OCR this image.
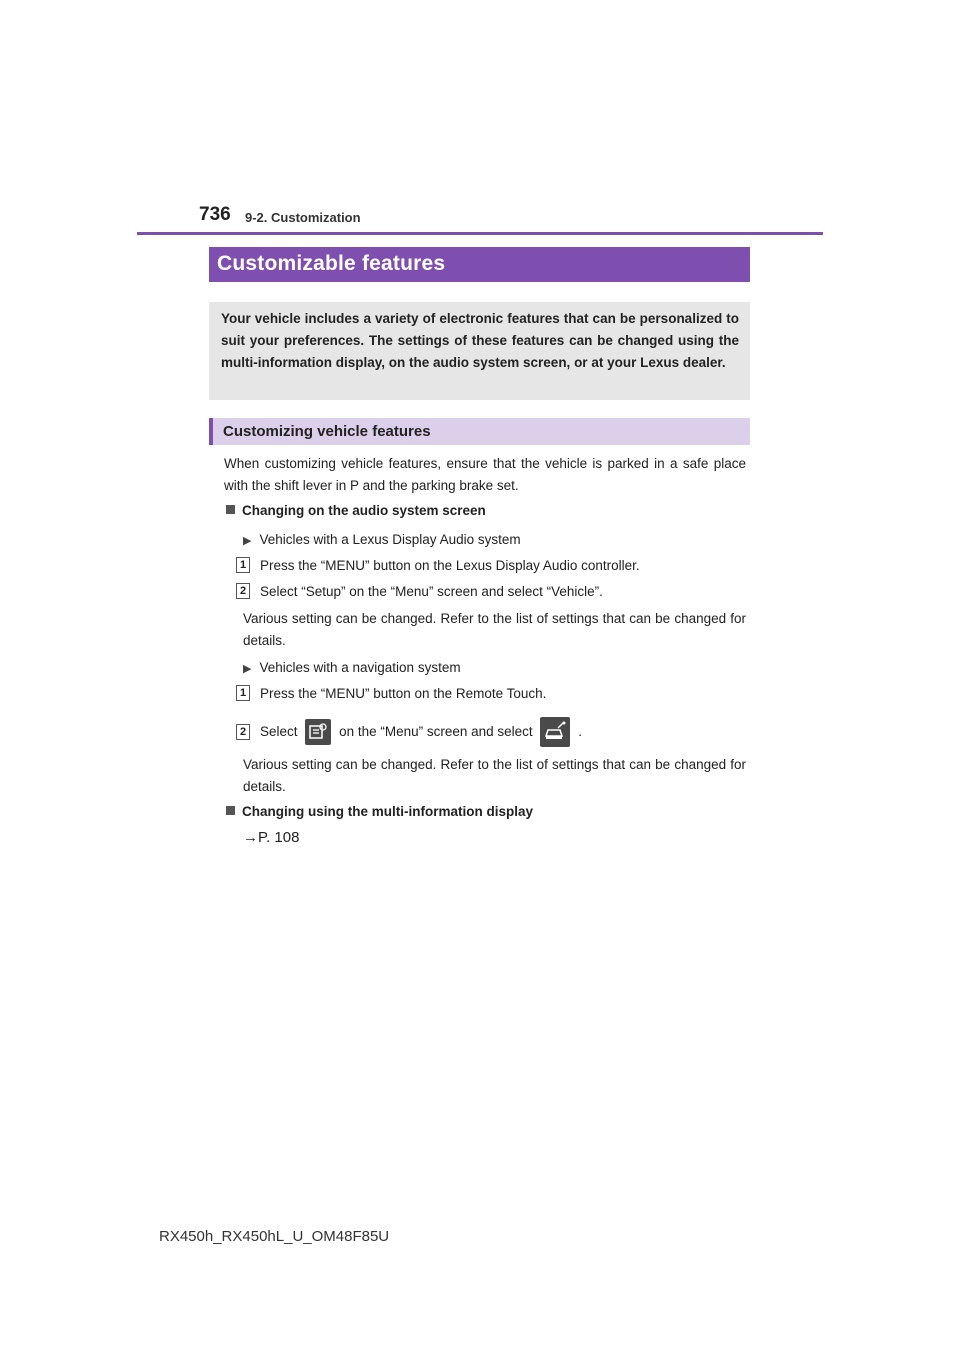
736 9-2. Customization
Customizable features
Your vehicle includes a variety of electronic features that can be personalized to suit your preferences. The settings of these features can be changed using the multi-information display, on the audio system screen, or at your Lexus dealer.
Customizing vehicle features
When customizing vehicle features, ensure that the vehicle is parked in a safe place with the shift lever in P and the parking brake set.
Changing on the audio system screen
▶ Vehicles with a Lexus Display Audio system
1 Press the “MENU” button on the Lexus Display Audio controller.
2 Select “Setup” on the “Menu” screen and select “Vehicle”.
Various setting can be changed. Refer to the list of settings that can be changed for details.
▶ Vehicles with a navigation system
1 Press the “MENU” button on the Remote Touch.
2 Select	on the “Menu” screen and select	.
Various setting can be changed. Refer to the list of settings that can be changed for details.
Changing using the multi-information display
→P. 108
RX450h_RX450hL_U_OM48F85U
